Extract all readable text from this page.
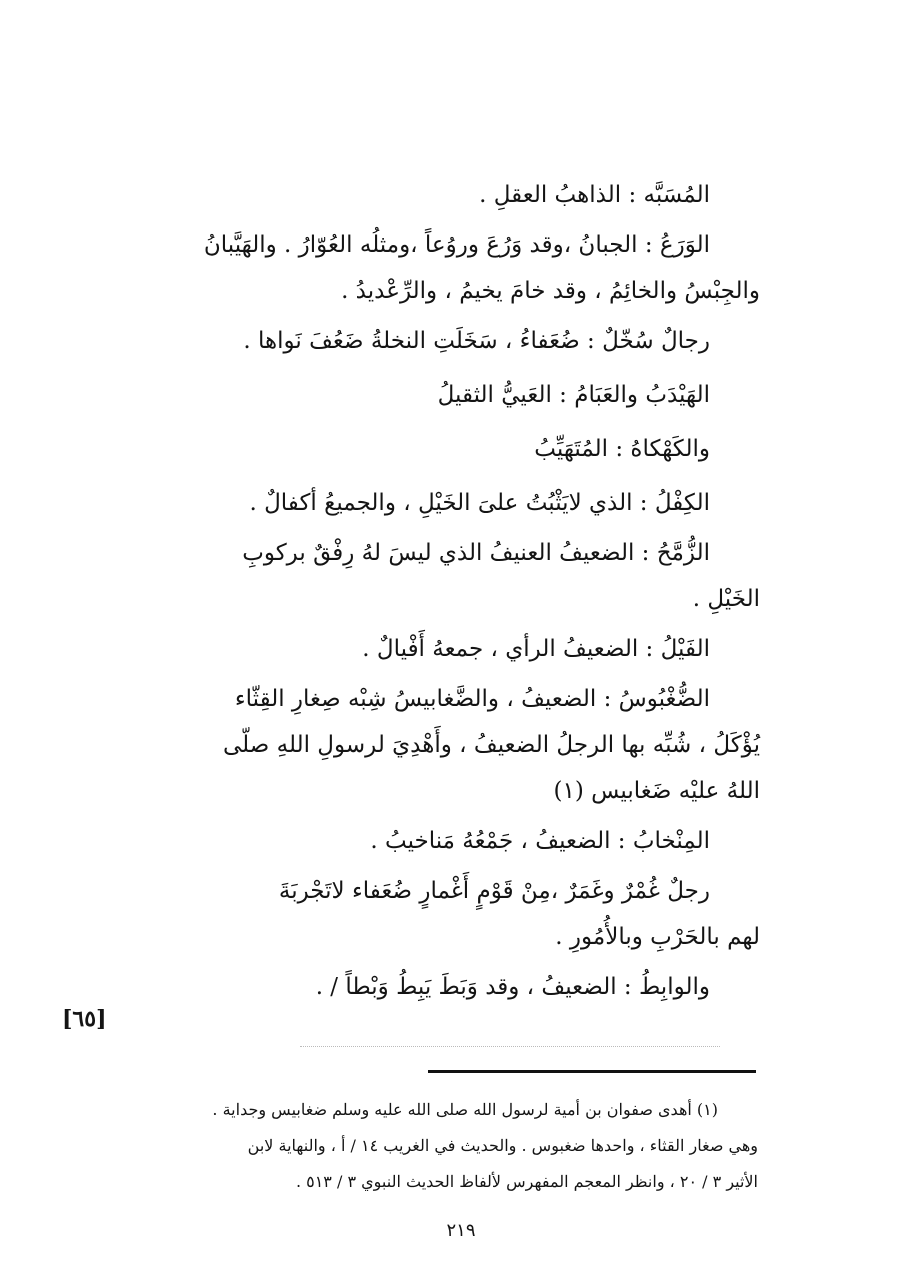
المُسَبَّه : الذاهبُ العقلِ .
الوَرَعُ : الجبانُ ،وقد وَرُعَ وروُعاً ،ومثلُه العُوّارُ . والهَيَّبانُ
والجِبْسُ والخائِمُ ، وقد خامَ يخيمُ ، والرِّعْديدُ .
رجالٌ سُخّلٌ : ضُعَفاءُ ، سَخَلَتِ النخلةُ ضَعُفَ نَواها .
الهَيْدَبُ والعَبَامُ : العَييُّ الثقيلُ
والكَهْكاهُ : المُتَهَيِّبُ
الكِفْلُ : الذي لايَثْبُتُ علىَ الخَيْلِ ، والجميعُ أكفالٌ .
الزُّمَّحُ : الضعيفُ العنيفُ الذي ليسَ لهُ رِفْقٌ بركوبِ
الخَيْلِ .
الفَيْلُ : الضعيفُ الرأي ، جمعهُ أَفْيالٌ .
الضُّغْبُوسُ : الضعيفُ ، والضَّغابيسُ شِبْه صِغارِ القِثّاء
يُؤْكَلُ ، شُبِّه بها الرجلُ الضعيفُ ، وأَهْدِيَ لرسولِ اللهِ صلّى
اللهُ عليْه ضَغابيس (١)
المِنْخابُ : الضعيفُ ، جَمْعُهُ مَناخيبُ .
رجلٌ غُمْرٌ وغَمَرٌ ،مِنْ قَوْمٍ أَغْمارٍ ضُعَفاء لاتَجْربَةَ
لهم بالحَرْبِ وبالأُمُورِ .
والوابِطُ : الضعيفُ ، وقد وَبَطَ يَبِطُ وَبْطاً / .
[٦٥]
(١) أهدى صفوان بن أمية لرسول الله صلى الله عليه وسلم ضغابيس وجداية .
وهي صغار القثاء ، واحدها ضغبوس . والحديث في الغريب ١٤ / أ ، والنهاية لابن
الأثير ٣ / ٢٠ ، وانظر المعجم المفهرس لألفاظ الحديث النبوي ٣ / ٥١٣ .
٢١٩
